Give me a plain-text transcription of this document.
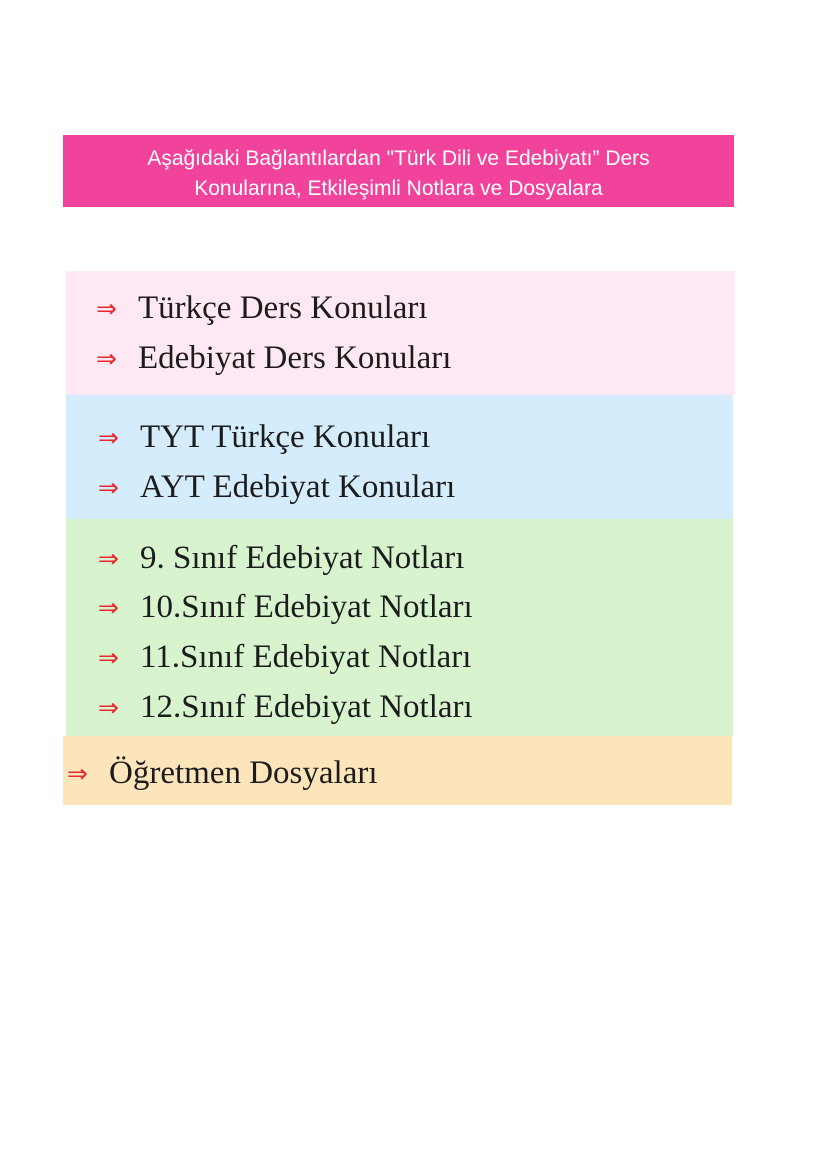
Aşağıdaki Bağlantılardan "Türk Dili ve Edebiyatı” Ders
Konularına, Etkileşimli Notlara ve Dosyalara
⇒ Türkçe Ders Konuları
⇒ Edebiyat Ders Konuları
⇒ TYT Türkçe Konuları
⇒ AYT Edebiyat Konuları
⇒ 9. Sınıf Edebiyat Notları
⇒ 10.Sınıf Edebiyat Notları
⇒ 11.Sınıf Edebiyat Notları
⇒ 12.Sınıf Edebiyat Notları
⇒ Öğretmen Dosyaları
